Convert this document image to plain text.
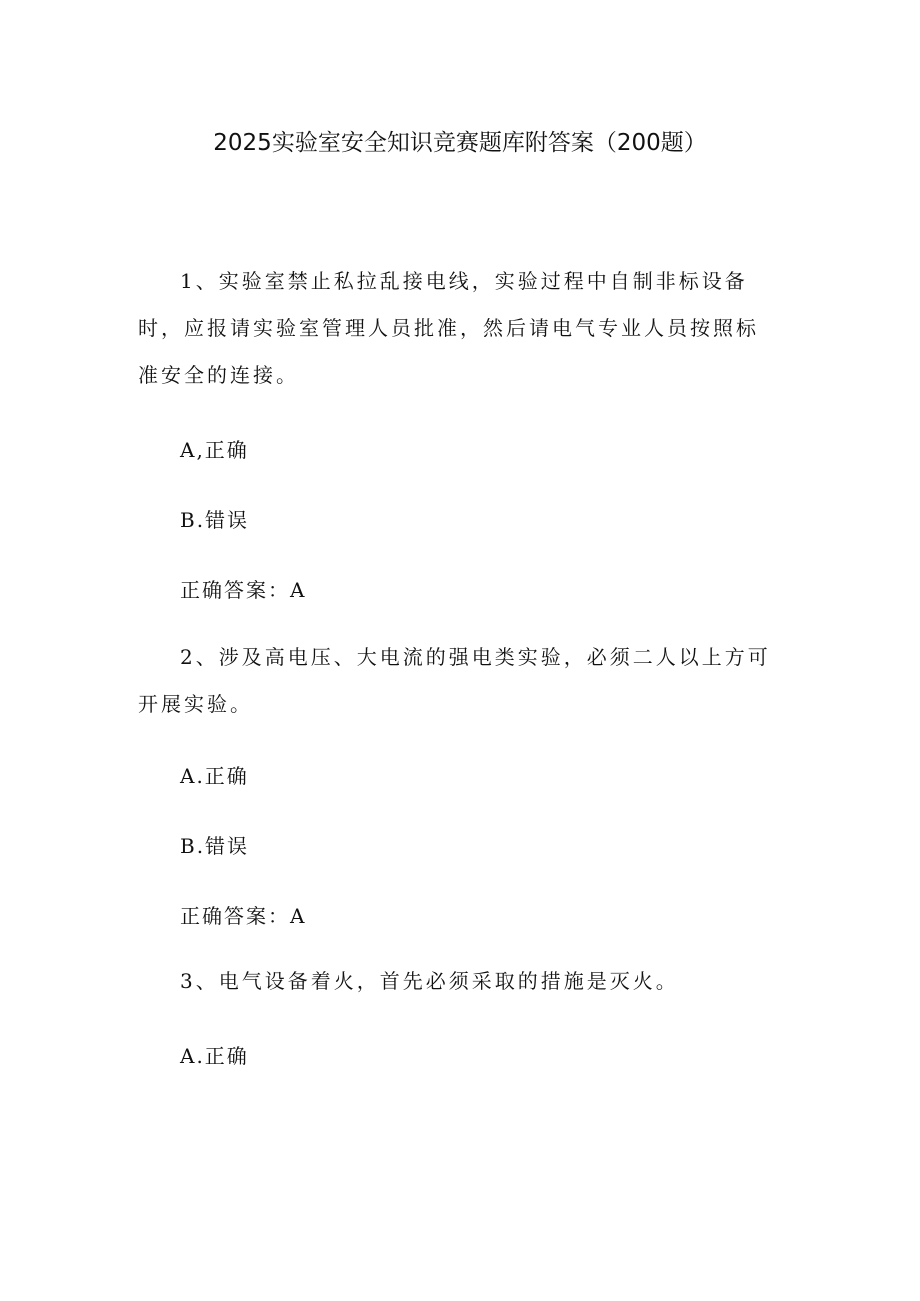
2025实验室安全知识竞赛题库附答案（200题）

1、实验室禁止私拉乱接电线，实验过程中自制非标设备时，应报请实验室管理人员批准，然后请电气专业人员按照标准安全的连接。

A,正确

B.错误

正确答案：A

2、涉及高电压、大电流的强电类实验，必须二人以上方可开展实验。

A.正确

B.错误

正确答案：A

3、电气设备着火，首先必须采取的措施是灭火。

A.正确
